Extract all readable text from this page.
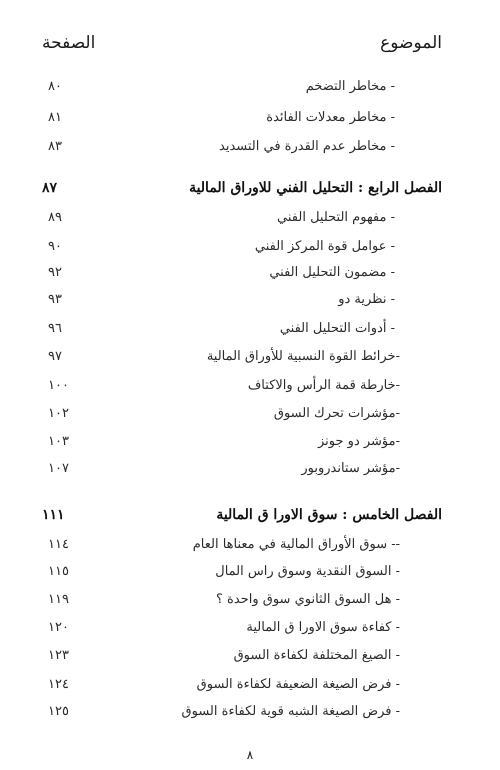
الموضوع
الصفحة
- مخاطر التضخم
٨٠
- مخاطر معدلات الفائدة
٨١
- مخاطر عدم القدرة في التسديد
٨٣
الفصل الرابع : التحليل الفني للاوراق المالية
٨٧
- مفهوم التحليل الفني
٨٩
- عوامل قوة المركز الفني
٩٠
- مضمون التحليل الفني
٩٢
- نظرية دو
٩٣
- أدوات التحليل الفني
٩٦
-خرائط القوة النسبية للأوراق المالية
٩٧
-خارطة قمة الرأس والاكتاف
١٠٠
-مؤشرات تحرك السوق
١٠٢
-مؤشر دو جونز
١٠٣
-مؤشر ستاندروبور
١٠٧
الفصل الخامس : سوق الاورا ق المالية
١١١
-- سوق الأوراق المالية في معناها العام
١١٤
- السوق النقدية وسوق راس المال
١١٥
- هل السوق الثانوي سوق واحدة ؟
١١٩
- كفاءة سوق الاورا ق المالية
١٢٠
- الصيغ المختلفة لكفاءة السوق
١٢٣
- فرض الصيغة الضعيفة لكفاءة السوق
١٢٤
- فرض الصيغة الشبه قوية لكفاءة السوق
١٢٥
٨
